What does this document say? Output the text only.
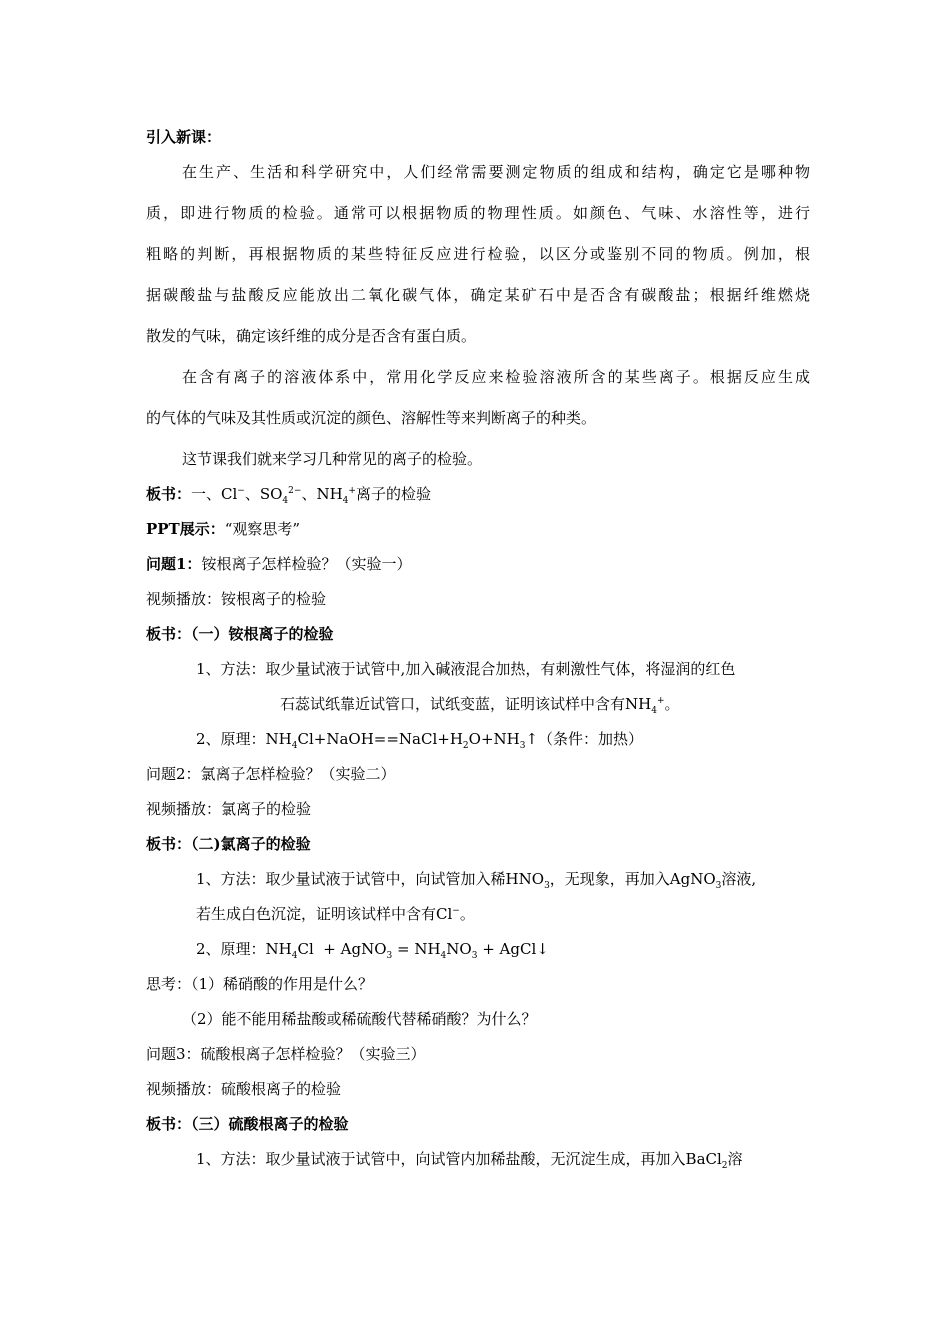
引入新课：
在生产、生活和科学研究中，人们经常需要测定物质的组成和结构，确定它是哪种物
质，即进行物质的检验。通常可以根据物质的物理性质。如颜色、气味、水溶性等，进行
粗略的判断，再根据物质的某些特征反应进行检验，以区分或鉴别不同的物质。例加，根
据碳酸盐与盐酸反应能放出二氧化碳气体，确定某矿石中是否含有碳酸盐；根据纤维燃烧
散发的气味，确定该纤维的成分是否含有蛋白质。
在含有离子的溶液体系中，常用化学反应来检验溶液所含的某些离子。根据反应生成
的气体的气味及其性质或沉淀的颜色、溶解性等来判断离子的种类。
这节课我们就来学习几种常见的离子的检验。
板书：一、Cl−、$SO_4^{2-}$、$NH_4^+$离子的检验
PPT展示：“观察思考”
问题1：铵根离子怎样检验？（实验一）
视频播放：铵根离子的检验
板书：（一）铵根离子的检验
1、方法：取少量试液于试管中,加入碱液混合加热，有刺激性气体，将湿润的红色
石蕊试纸靠近试管口，试纸变蓝，证明该试样中含有$NH_4^+$。
2、原理：$NH_4Cl+NaOH==NaCl+H_2O+NH_3↑$（条件：加热）
问题2：氯离子怎样检验？（实验二）
视频播放：氯离子的检验
板书：（二)氯离子的检验
1、方法：取少量试液于试管中，向试管加入稀$HNO_3$，无现象，再加入AgNO$_3$溶液,
若生成白色沉淀，证明该试样中含有Cl−。
2、原理：$NH_4Cl$  + AgNO$_3$ = $NH_4NO_3$ + AgCl↓
思考：（1）稀硝酸的作用是什么？
（2）能不能用稀盐酸或稀硫酸代替稀硝酸？为什么？
问题3：硫酸根离子怎样检验？（实验三）
视频播放：硫酸根离子的检验
板书：（三）硫酸根离子的检验
1、方法：取少量试液于试管中，向试管内加稀盐酸，无沉淀生成，再加入BaCl$_2$溶
